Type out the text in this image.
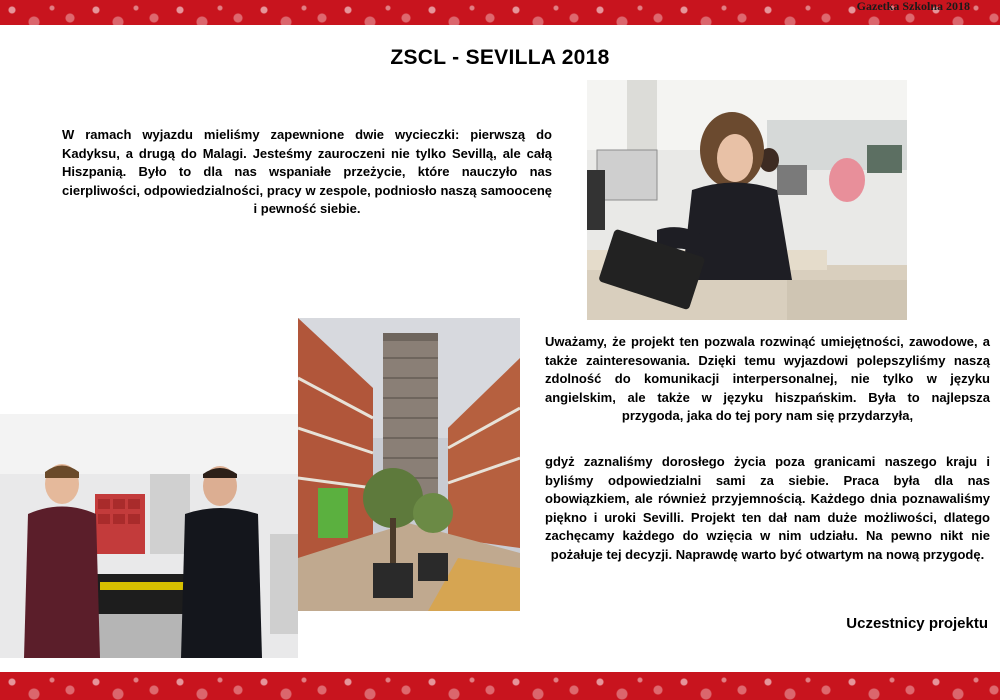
Gazetka Szkolna 2018
ZSCL - SEVILLA 2018

W ramach wyjazdu mieliśmy zapewnione dwie wycieczki: pierwszą do Kadyksu, a drugą do Malagi. Jesteśmy zauroczeni nie tylko Sevillą, ale całą Hiszpanią. Było to dla nas wspaniałe przeżycie, które nauczyło nas cierpliwości, odpowiedzialności, pracy w zespole, podniosło naszą samoocenę i pewność siebie.

Uważamy, że projekt ten pozwala rozwinąć umiejętności, zawodowe, a także zainteresowania. Dzięki temu wyjazdowi polepszyliśmy naszą zdolność do komunikacji interpersonalnej, nie tylko w języku angielskim, ale także w języku hiszpańskim. Była to najlepsza przygoda, jaka do tej pory nam się przydarzyła,

gdyż zaznaliśmy dorosłego życia poza granicami naszego kraju i byliśmy odpowiedzialni sami za siebie. Praca była dla nas obowiązkiem, ale również przyjemnością. Każdego dnia poznawaliśmy piękno i uroki Sevilli. Projekt ten dał nam duże możliwości, dlatego zachęcamy każdego do wzięcia w nim udziału. Na pewno nikt nie pożałuje tej decyzji. Naprawdę warto być otwartym na nową przygodę.

Uczestnicy projektu
